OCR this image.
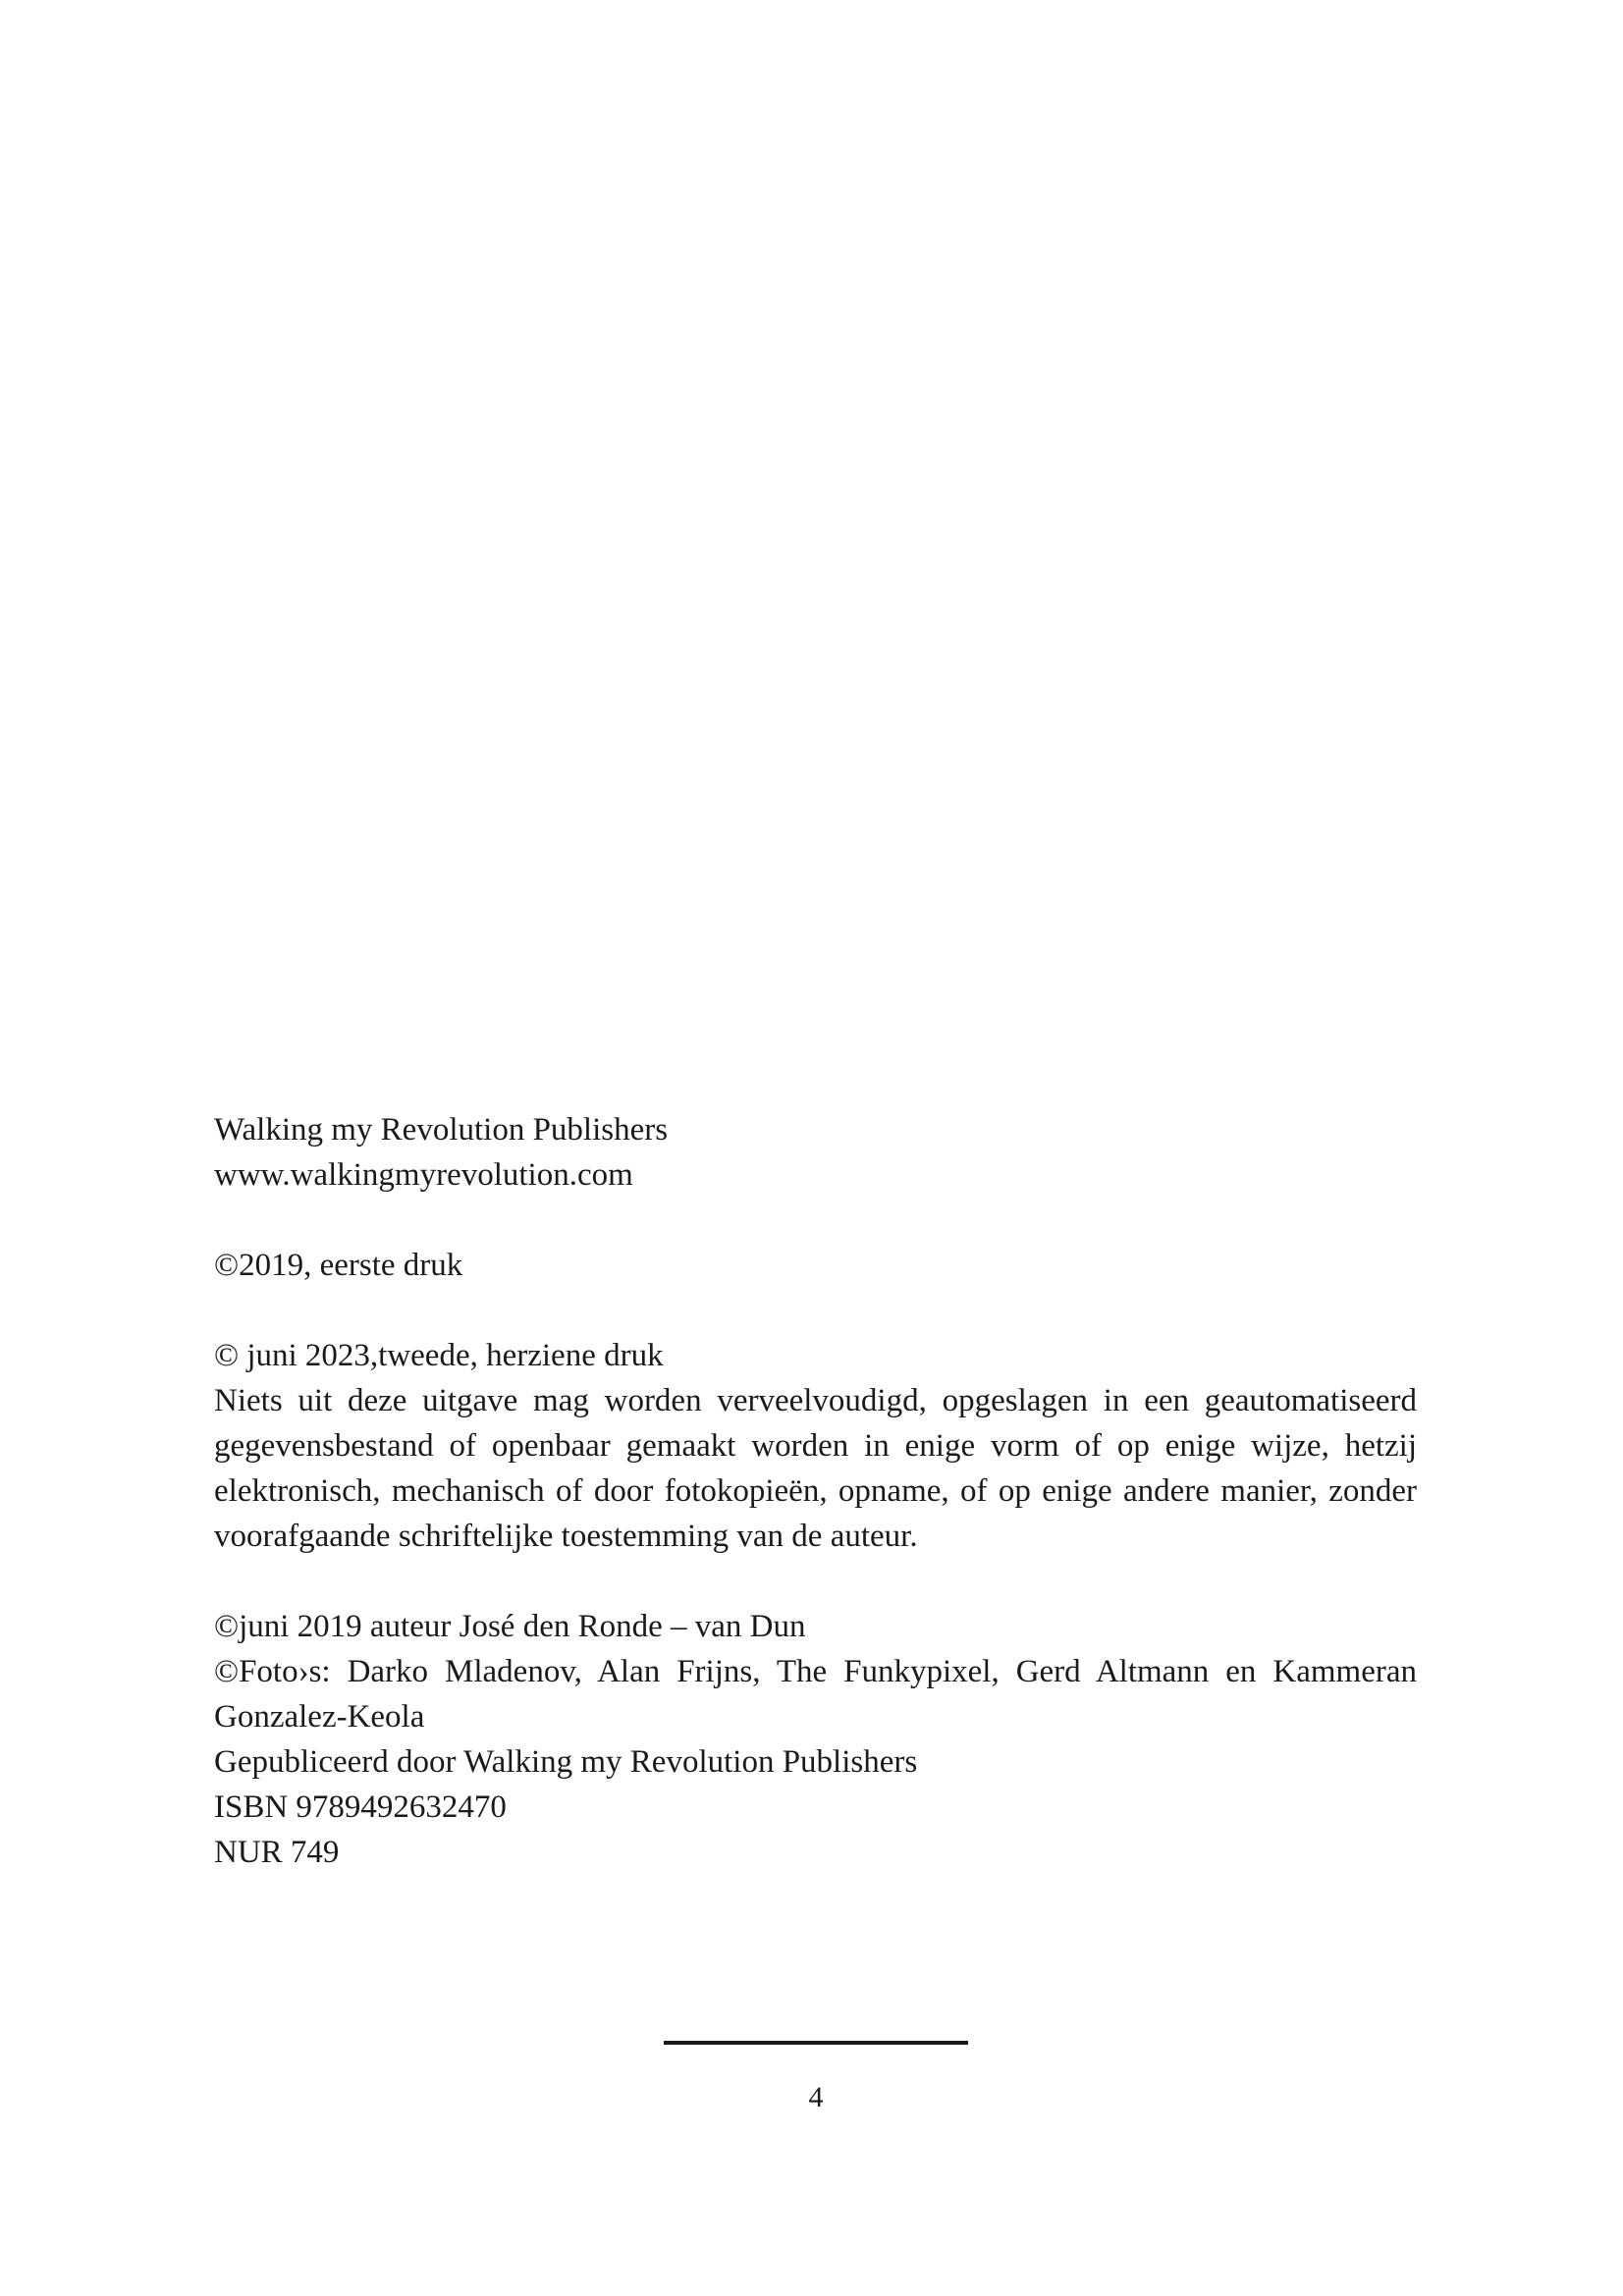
Walking my Revolution Publishers

www.walkingmyrevolution.com

©2019, eerste druk

© juni 2023,tweede, herziene druk

Niets uit deze uitgave mag worden verveelvoudigd, opgeslagen in een geautomatiseerd gegevensbestand of openbaar gemaakt worden in enige vorm of op enige wijze, hetzij elektronisch, mechanisch of door fotokopieën, opname, of op enige andere manier, zonder voorafgaande schriftelijke toestemming van de auteur.

©juni 2019 auteur José den Ronde – van Dun

©Foto›s: Darko Mladenov, Alan Frijns, The Funkypixel, Gerd Altmann en Kammeran Gonzalez-Keola

Gepubliceerd door Walking my Revolution Publishers

ISBN 9789492632470

NUR 749

4
